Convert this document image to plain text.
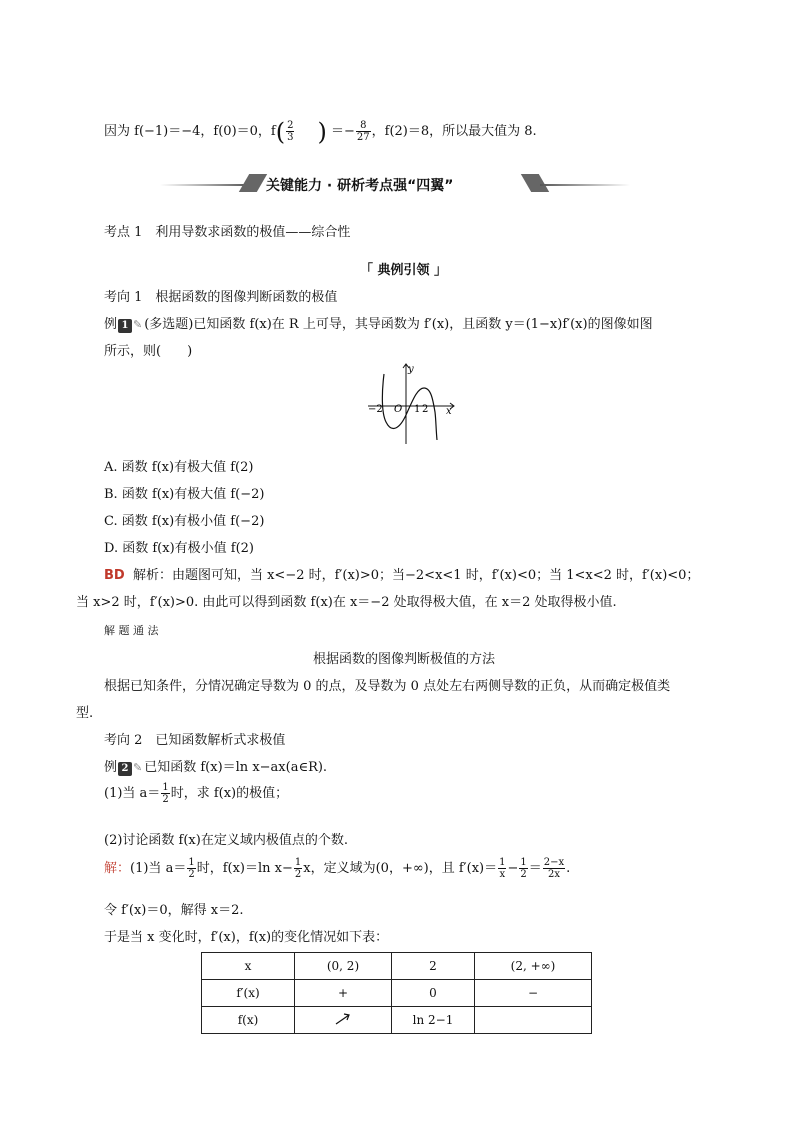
因为 f(−1)＝−4，f(0)＝0，$f( \frac{2}{3}$ ) ＝− $\frac{8}{27}$ ，f(2)＝8，所以最大值为 8.
关键能力 · 研析考点强“四翼”
考点 1　利用导数求函数的极值——综合性
「 典例引领 」
考向 1　根据函数的图像判断函数的极值
例 1 ✎ (多选题)已知函数 f(x)在 R 上可导，其导函数为 f′(x)，且函数 y＝(1−x)f′(x)的图像如图
所示，则(　　)
y
x
−2 O 1 2
A. 函数 f(x)有极大值 f(2)
B. 函数 f(x)有极大值 f(−2)
C. 函数 f(x)有极小值 f(−2)
D. 函数 f(x)有极小值 f(2)
BD 解析：由题图可知，当 x<−2 时，f′(x)>0；当−2<x<1 时，f′(x)<0；当 1<x<2 时，f′(x)<0；
当 x>2 时，f′(x)>0. 由此可以得到函数 f(x)在 x＝−2 处取得极大值，在 x＝2 处取得极小值.
解 题 通 法
根据函数的图像判断极值的方法
根据已知条件，分情况确定导数为 0 的点，及导数为 0 点处左右两侧导数的正负，从而确定极值类
型.
考向 2　已知函数解析式求极值
例 2 ✎ 已知函数 f(x)＝ln x−ax(a∈R).
(1)当 $a= \frac{1}{2}$ 时，求 f(x)的极值；
(2)讨论函数 f(x)在定义域内极值点的个数.
解：(1)当 $a= \frac{1}{2}$ 时，f(x)＝ln $x- \frac{1}{2}$ x，定义域为(0，+∞)，且 $f'(x)= \frac{1}{x} - \frac{1}{2} = \frac{2-x}{2x}$ .
令 f′(x)＝0，解得 x＝2.
于是当 x 变化时，f′(x)，f(x)的变化情况如下表：
x	(0, 2)	2	(2, +∞)
f′(x)	+	0	−
f(x)		ln 2−1	
